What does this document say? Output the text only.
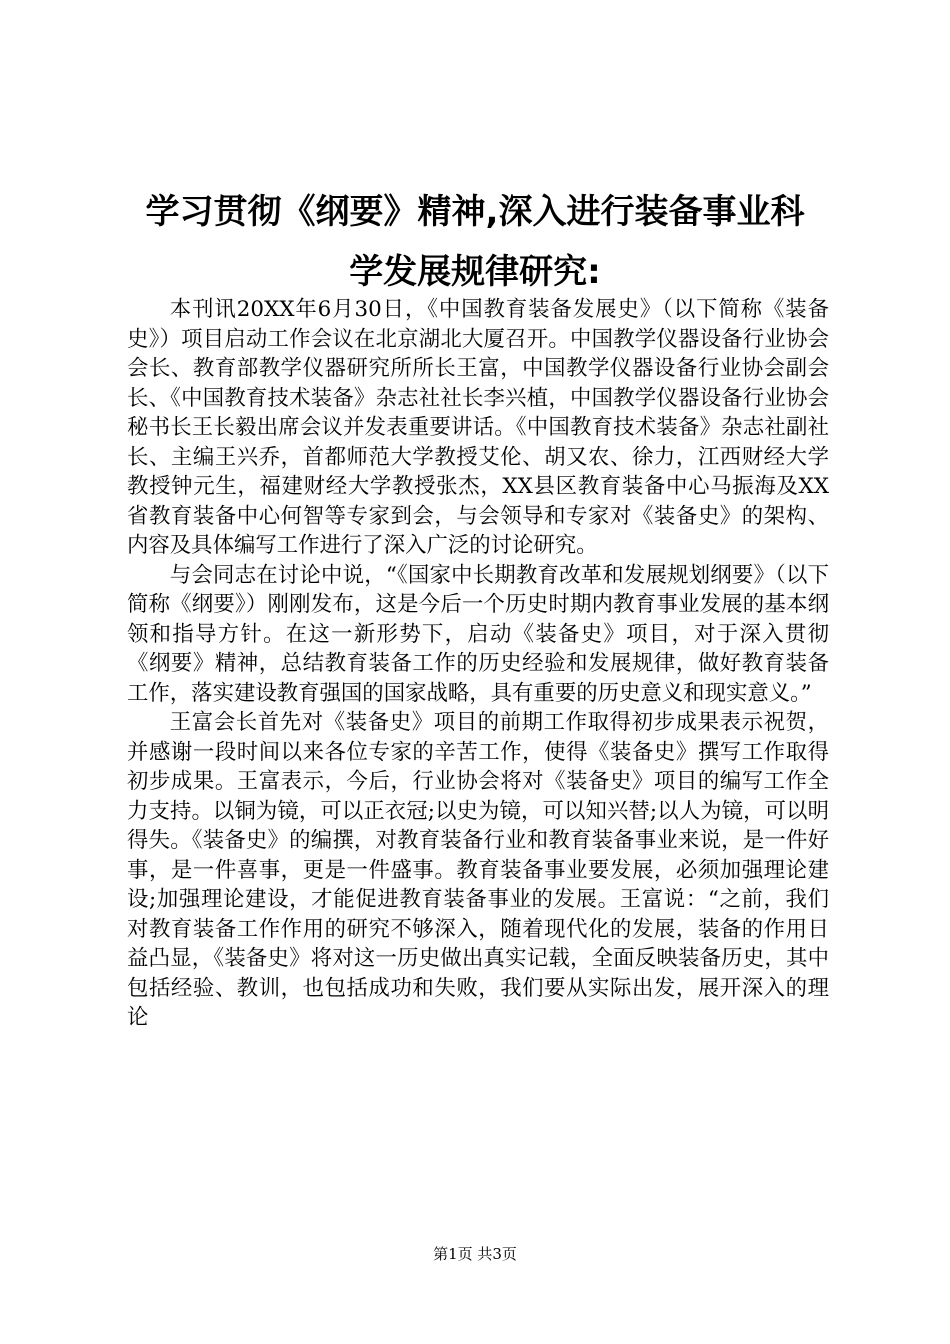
学习贯彻《纲要》精神,深入进行装备事业科
学发展规律研究:

本刊讯20XX年6月30日，《中国教育装备发展史》（以下简称《装备史》）项目启动工作会议在北京湖北大厦召开。中国教学仪器设备行业协会会长、教育部教学仪器研究所所长王富，中国教学仪器设备行业协会副会长、《中国教育技术装备》杂志社社长李兴植，中国教学仪器设备行业协会秘书长王长毅出席会议并发表重要讲话。《中国教育技术装备》杂志社副社长、主编王兴乔，首都师范大学教授艾伦、胡又农、徐力，江西财经大学教授钟元生，福建财经大学教授张杰，XX县区教育装备中心马振海及XX省教育装备中心何智等专家到会，与会领导和专家对《装备史》的架构、内容及具体编写工作进行了深入广泛的讨论研究。

与会同志在讨论中说，“《国家中长期教育改革和发展规划纲要》（以下简称《纲要》）刚刚发布，这是今后一个历史时期内教育事业发展的基本纲领和指导方针。在这一新形势下，启动《装备史》项目，对于深入贯彻《纲要》精神，总结教育装备工作的历史经验和发展规律，做好教育装备工作，落实建设教育强国的国家战略，具有重要的历史意义和现实意义。”

王富会长首先对《装备史》项目的前期工作取得初步成果表示祝贺，并感谢一段时间以来各位专家的辛苦工作，使得《装备史》撰写工作取得初步成果。王富表示，今后，行业协会将对《装备史》项目的编写工作全力支持。以铜为镜，可以正衣冠;以史为镜，可以知兴替;以人为镜，可以明得失。《装备史》的编撰，对教育装备行业和教育装备事业来说，是一件好事，是一件喜事，更是一件盛事。教育装备事业要发展，必须加强理论建设;加强理论建设，才能促进教育装备事业的发展。王富说：“之前，我们对教育装备工作作用的研究不够深入，随着现代化的发展，装备的作用日益凸显，《装备史》将对这一历史做出真实记载，全面反映装备历史，其中包括经验、教训，也包括成功和失败，我们要从实际出发，展开深入的理论

第1页 共3页
